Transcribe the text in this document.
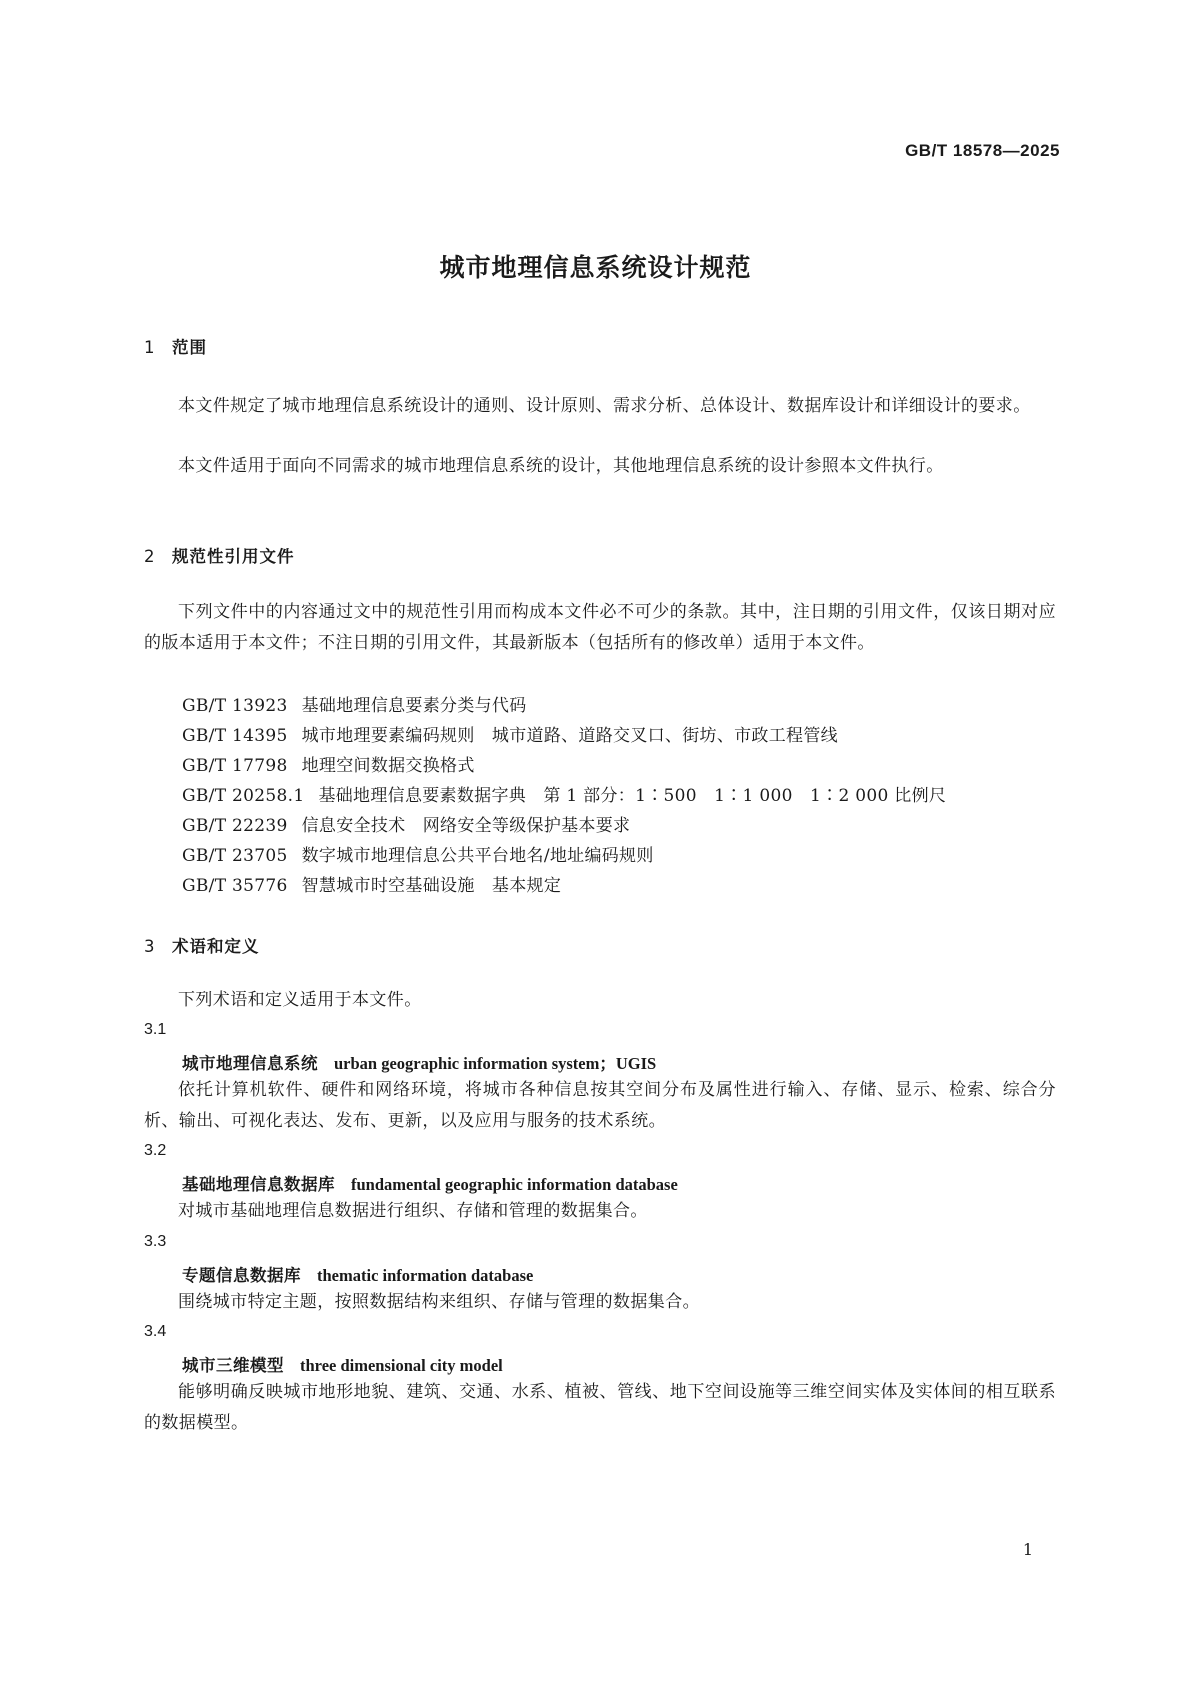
GB/T 18578—2025
城市地理信息系统设计规范
1 范围
本文件规定了城市地理信息系统设计的通则、设计原则、需求分析、总体设计、数据库设计和详细设计的要求。
本文件适用于面向不同需求的城市地理信息系统的设计，其他地理信息系统的设计参照本文件执行。
2 规范性引用文件
下列文件中的内容通过文中的规范性引用而构成本文件必不可少的条款。其中，注日期的引用文件，仅该日期对应的版本适用于本文件；不注日期的引用文件，其最新版本（包括所有的修改单）适用于本文件。
GB/T 13923 基础地理信息要素分类与代码
GB/T 14395 城市地理要素编码规则　城市道路、道路交叉口、街坊、市政工程管线
GB/T 17798 地理空间数据交换格式
GB/T 20258.1 基础地理信息要素数据字典　第 1 部分：1∶500　1∶1 000　1∶2 000 比例尺
GB/T 22239 信息安全技术　网络安全等级保护基本要求
GB/T 23705 数字城市地理信息公共平台地名/地址编码规则
GB/T 35776 智慧城市时空基础设施　基本规定
3 术语和定义
下列术语和定义适用于本文件。
3.1
城市地理信息系统 urban geographic information system；UGIS
依托计算机软件、硬件和网络环境，将城市各种信息按其空间分布及属性进行输入、存储、显示、检索、综合分析、输出、可视化表达、发布、更新，以及应用与服务的技术系统。
3.2
基础地理信息数据库 fundamental geographic information database
对城市基础地理信息数据进行组织、存储和管理的数据集合。
3.3
专题信息数据库 thematic information database
围绕城市特定主题，按照数据结构来组织、存储与管理的数据集合。
3.4
城市三维模型 three dimensional city model
能够明确反映城市地形地貌、建筑、交通、水系、植被、管线、地下空间设施等三维空间实体及实体间的相互联系的数据模型。
1
